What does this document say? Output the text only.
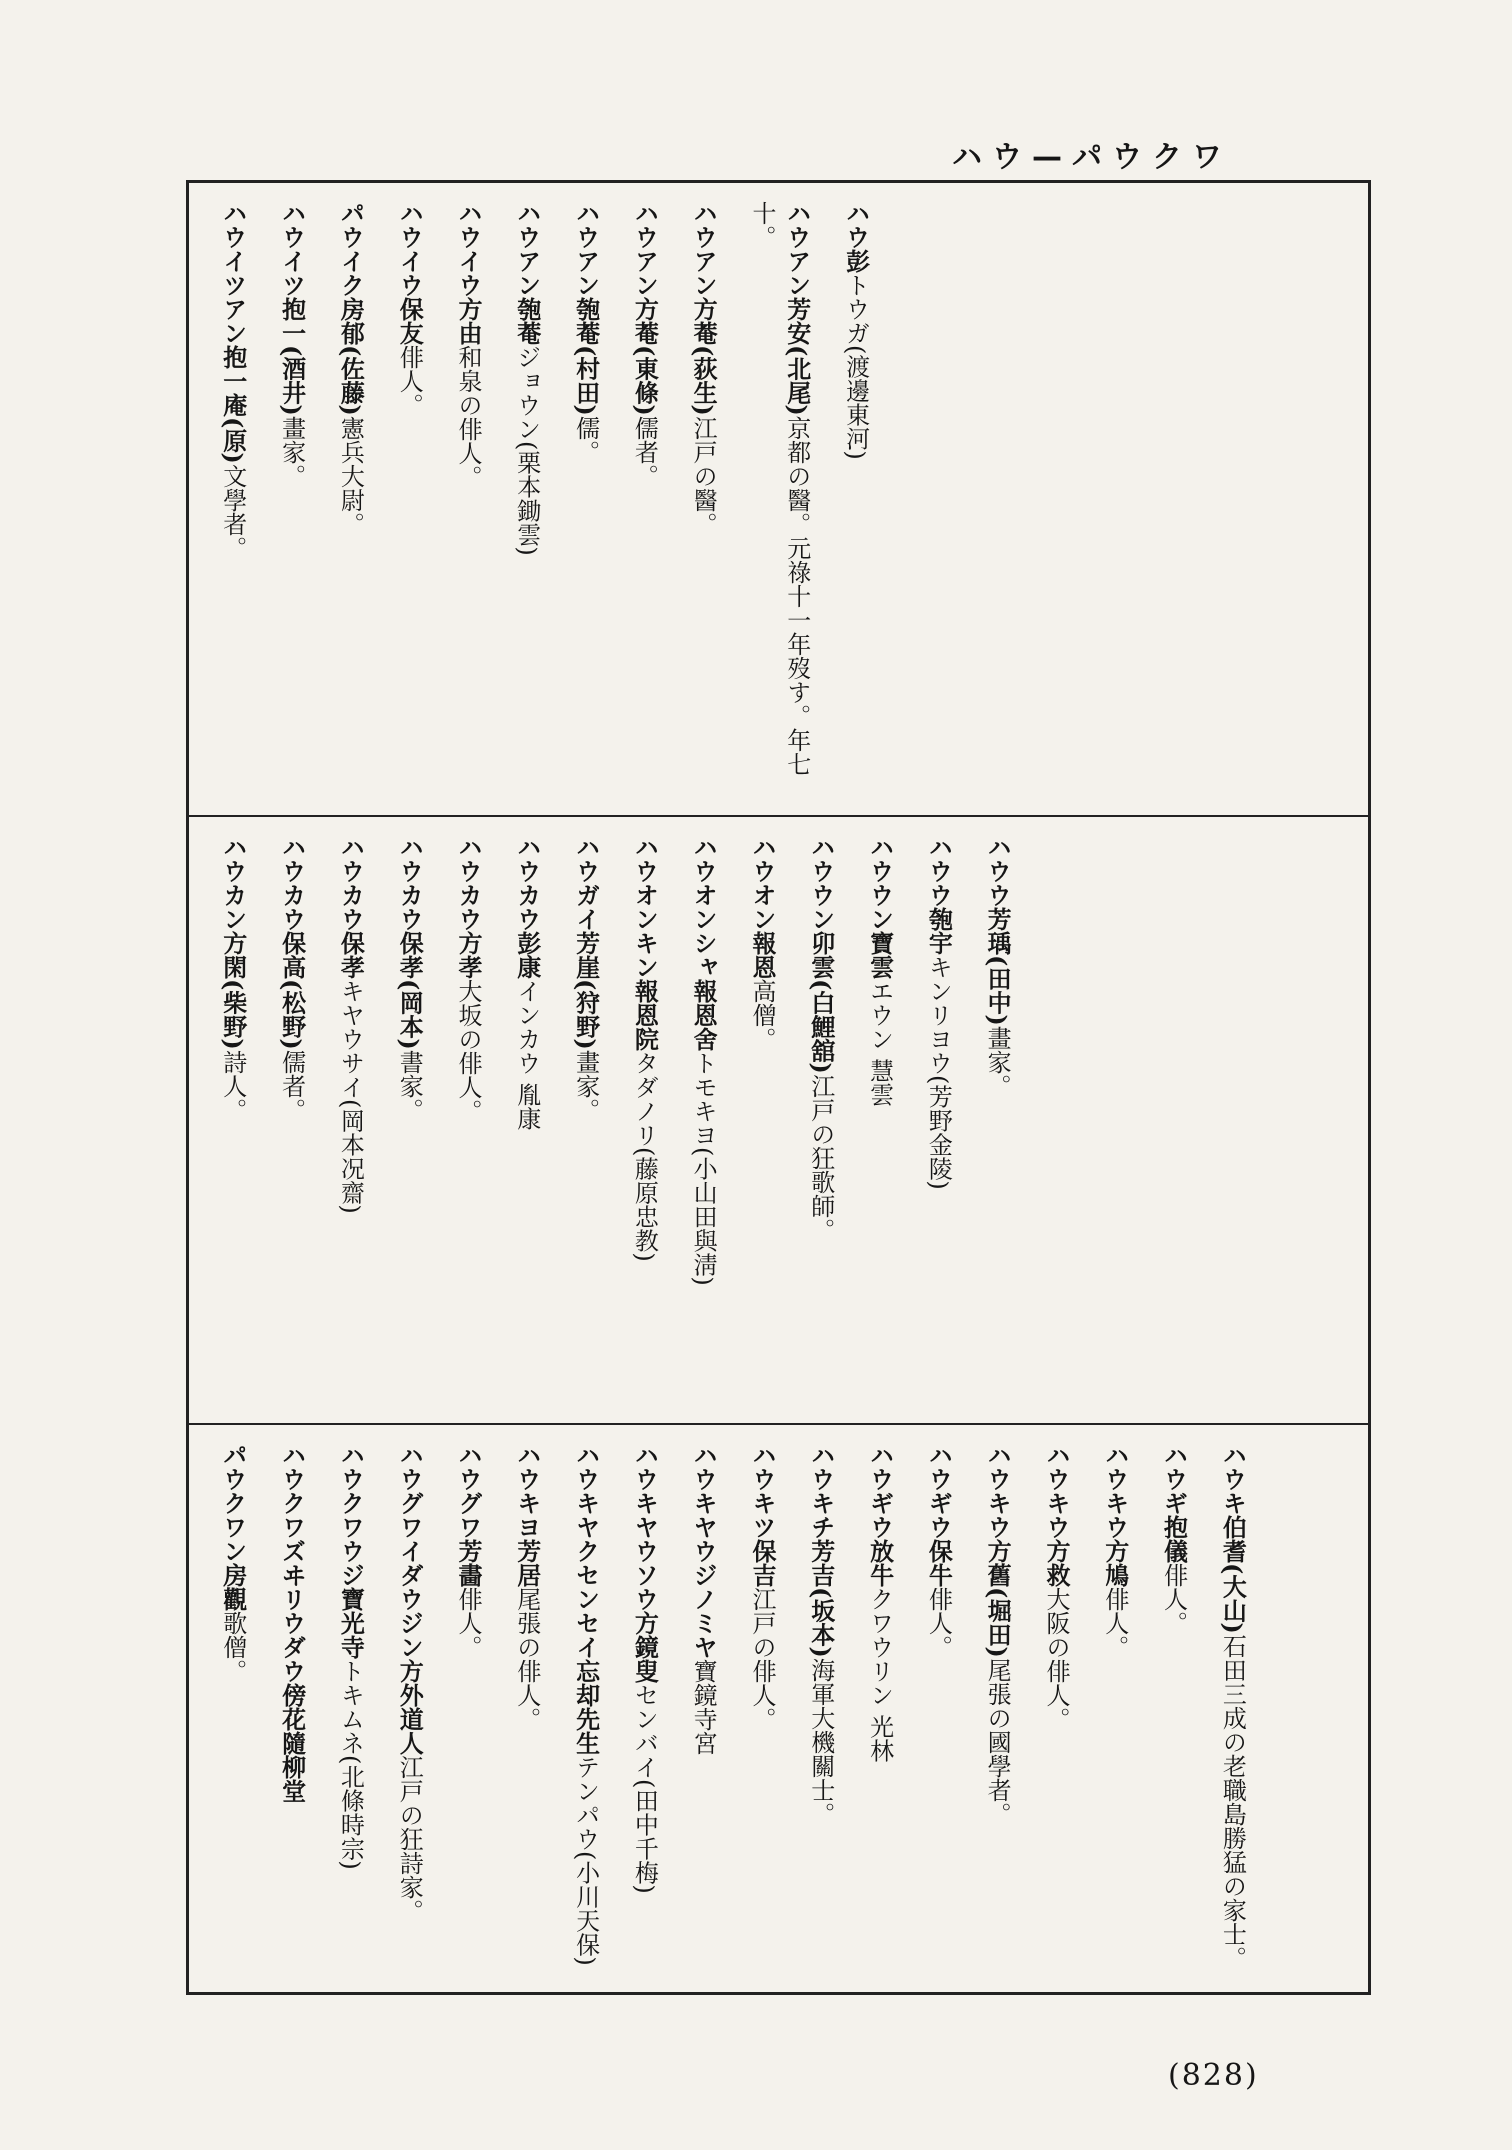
ハウ—パウクワ

ハウ彭トウガ(渡邊東河)

ハウアン芳安(北尾)京都の醫。元祿十一年歿す。年七十。

ハウアン方菴(荻生)江戸の醫。

ハウアン方菴(東條)儒者。

ハウアン匏菴(村田)儒。

ハウアン匏菴ジョウン(栗本鋤雲)

ハウイウ方由和泉の俳人。

ハウイウ保友俳人。

パウイク房郁(佐藤)憲兵大尉。

ハウイツ抱一(酒井)畫家。

ハウイツアン抱一庵(原)文學者。

ハウウ芳瑀(田中)畫家。

ハウウ匏宇キンリヨウ(芳野金陵)

ハウウン寶雲エウン 慧雲

ハウウン卯雲(白鯉舘)江戸の狂歌師。

ハウオン報恩高僧。

ハウオンシャ報恩舍トモキヨ(小山田與淸)

ハウオンキン報恩院タダノリ(藤原忠教)

ハウガイ芳崖(狩野)畫家。

ハウカウ彭康インカウ 胤康

ハウカウ方孝大坂の俳人。

ハウカウ保孝(岡本)書家。

ハウカウ保孝キヤウサイ(岡本况齋)

ハウカウ保高(松野)儒者。

ハウカン方閑(柴野)詩人。

ハウキ伯耆(大山)石田三成の老職島勝猛の家士。

ハウギ抱儀俳人。

ハウキウ方鳩俳人。

ハウキウ方救大阪の俳人。

ハウキウ方舊(堀田)尾張の國學者。

ハウギウ保牛俳人。

ハウギウ放牛クワウリン 光林

ハウキチ芳吉(坂本)海軍大機關士。

ハウキツ保吉江戸の俳人。

ハウキヤウジノミヤ寶鏡寺宮

ハウキヤウソウ方鏡叟センバイ(田中千梅)

ハウキヤクセンセイ忘却先生テンパウ(小川天保)

ハウキヨ芳居尾張の俳人。

ハウグワ芳畵俳人。

ハウグワイダウジン方外道人江戸の狂詩家。

ハウクワウジ寶光寺トキムネ(北條時宗)

ハウクワズヰリウダウ傍花隨柳堂

パウクワン房觀歌僧。

(828)
